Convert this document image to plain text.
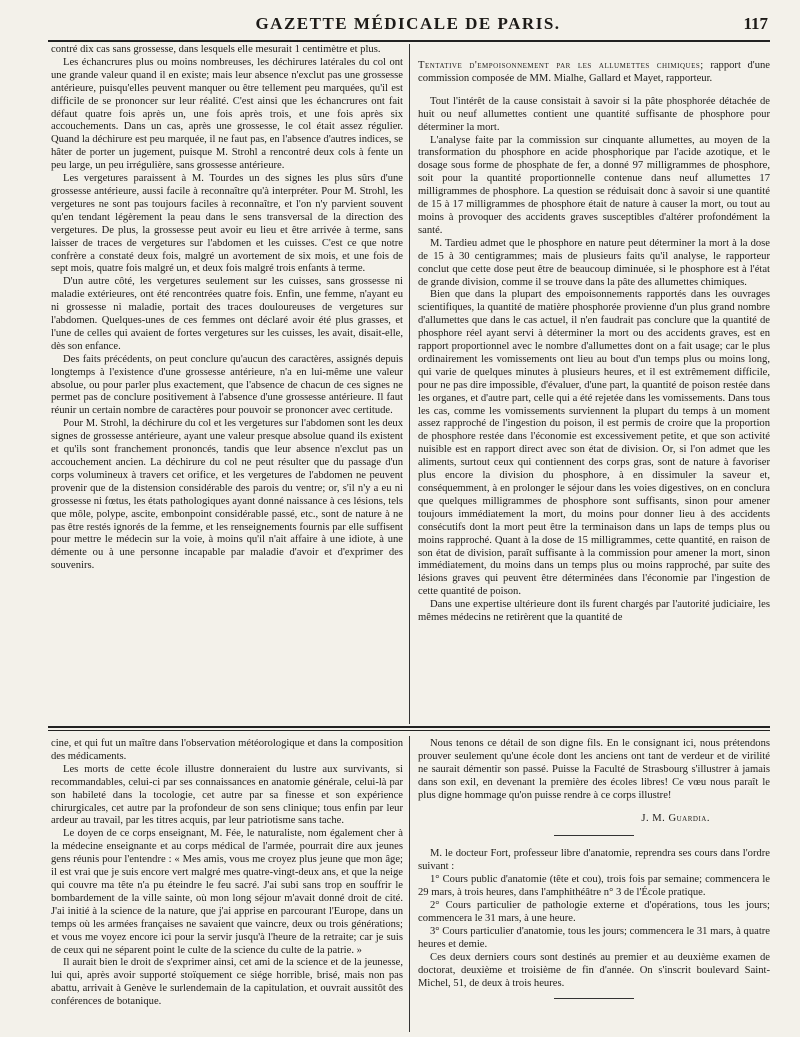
GAZETTE MÉDICALE DE PARIS.	117

contré dix cas sans grossesse, dans lesquels elle mesurait 1 centimètre et plus.

Les échancrures plus ou moins nombreuses, les déchirures latérales du col ont une grande valeur quand il en existe; mais leur absence n'exclut pas une grossesse antérieure, puisqu'elles peuvent manquer ou être tellement peu marquées, qu'il est difficile de se prononcer sur leur réalité. C'est ainsi que les échancrures ont fait défaut quatre fois après un, une fois après trois, et une fois après six accouchements. Dans un cas, après une grossesse, le col était assez régulier. Quand la déchirure est peu marquée, il ne faut pas, en l'absence d'autres indices, se hâter de porter un jugement, puisque M. Strohl a rencontré deux cols à fente un peu large, un peu irrégulière, sans grossesse antérieure.

Les vergetures paraissent à M. Tourdes un des signes les plus sûrs d'une grossesse antérieure, aussi facile à reconnaître qu'à interpréter. Pour M. Strohl, les vergetures ne sont pas toujours faciles à reconnaître, et l'on n'y parvient souvent qu'en tendant légèrement la peau dans le sens transversal de la direction des vergetures. De plus, la grossesse peut avoir eu lieu et être arrivée à terme, sans laisser de traces de vergetures sur l'abdomen et les cuisses. C'est ce que notre confrère a constaté deux fois, malgré un avortement de six mois, et une fois de sept mois, quatre fois malgré un, et deux fois malgré trois enfants à terme.

D'un autre côté, les vergetures seulement sur les cuisses, sans grossesse ni maladie extérieures, ont été rencontrées quatre fois. Enfin, une femme, n'ayant eu ni grossesse ni maladie, portait des traces douloureuses de vergetures sur l'abdomen. Quelques-unes de ces femmes ont déclaré avoir été plus grasses, et l'une de celles qui avaient de fortes vergetures sur les cuisses, les avait, disait-elle, dès son enfance.

Des faits précédents, on peut conclure qu'aucun des caractères, assignés depuis longtemps à l'existence d'une grossesse antérieure, n'a en lui-même une valeur absolue, ou pour parler plus exactement, que l'absence de chacun de ces signes ne permet pas de conclure positivement à l'absence d'une grossesse antérieure. Il faut réunir un certain nombre de caractères pour pouvoir se prononcer avec certitude.

Pour M. Strohl, la déchirure du col et les vergetures sur l'abdomen sont les deux signes de grossesse antérieure, ayant une valeur presque absolue quand ils existent et qu'ils sont franchement prononcés, tandis que leur absence n'exclut pas un accouchement ancien. La déchirure du col ne peut résulter que du passage d'un corps volumineux à travers cet orifice, et les vergetures de l'abdomen ne peuvent provenir que de la distension considérable des parois du ventre; or, s'il n'y a eu ni grossesse ni fœtus, les états pathologiques ayant donné naissance à ces lésions, tels que môle, polype, ascite, embonpoint considérable passé, etc., sont de nature à ne pas être restés ignorés de la femme, et les renseignements fournis par elle suffisent pour mettre le médecin sur la voie, à moins qu'il n'ait affaire à une idiote, à une démente ou à une personne incapable par maladie d'avoir et d'exprimer des souvenirs.

Tentative d'empoisonnement par les allumettes chimiques; rapport d'une commission composée de MM. Mialhe, Gallard et Mayet, rapporteur.

Tout l'intérêt de la cause consistait à savoir si la pâte phosphorée détachée de huit ou neuf allumettes contient une quantité suffisante de phosphore pour déterminer la mort.

L'analyse faite par la commission sur cinquante allumettes, au moyen de la transformation du phosphore en acide phosphorique par l'acide azotique, et le dosage sous forme de phosphate de fer, a donné 97 milligrammes de phosphore, soit pour la quantité proportionnelle contenue dans neuf allumettes 17 milligrammes de phosphore. La question se réduisait donc à savoir si une quantité de 15 à 17 milligrammes de phosphore était de nature à causer la mort, ou tout au moins à provoquer des accidents graves susceptibles d'altérer profondément la santé.

M. Tardieu admet que le phosphore en nature peut déterminer la mort à la dose de 15 à 30 centigrammes; mais de plusieurs faits qu'il analyse, le rapporteur conclut que cette dose peut être de beaucoup diminuée, si le phosphore est à l'état de grande division, comme il se trouve dans la pâte des allumettes chimiques.

Bien que dans la plupart des empoisonnements rapportés dans les ouvrages scientifiques, la quantité de matière phosphorée provienne d'un plus grand nombre d'allumettes que dans le cas actuel, il n'en faudrait pas conclure que la quantité de phosphore réel ayant servi à déterminer la mort ou des accidents graves, est en rapport proportionnel avec le nombre d'allumettes dont on a fait usage; car le plus ordinairement les vomissements ont lieu au bout d'un temps plus ou moins long, qui varie de quelques minutes à plusieurs heures, et il est extrêmement difficile, pour ne pas dire impossible, d'évaluer, d'une part, la quantité de poison restée dans les organes, et d'autre part, celle qui a été rejetée dans les vomissements. Dans tous les cas, comme les vomissements surviennent la plupart du temps à un moment assez rapproché de l'ingestion du poison, il est permis de croire que la proportion de phosphore restée dans l'économie est excessivement petite, et que son activité nuisible est en rapport direct avec son état de division. Or, si l'on admet que les aliments, surtout ceux qui contiennent des corps gras, sont de nature à favoriser plus encore la division du phosphore, à en dissimuler la saveur et, conséquemment, à en prolonger le séjour dans les voies digestives, on en conclura que quelques milligrammes de phosphore sont suffisants, sinon pour amener toujours immédiatement la mort, du moins pour donner lieu à des accidents consécutifs dont la mort peut être la terminaison dans un laps de temps plus ou moins rapproché. Quant à la dose de 15 milligrammes, cette quantité, en raison de son état de division, paraît suffisante à la commission pour amener la mort, sinon immédiatement, du moins dans un temps plus ou moins rapproché, par suite des lésions graves qui peuvent être déterminées dans l'économie par l'ingestion de cette quantité de poison.

Dans une expertise ultérieure dont ils furent chargés par l'autorité judiciaire, les mêmes médecins ne retirèrent que la quantité de

cine, et qui fut un maître dans l'observation météorologique et dans la composition des médicaments.

Les morts de cette école illustre donneraient du lustre aux survivants, si recommandables, celui-ci par ses connaissances en anatomie générale, celui-là par son habileté dans la tocologie, cet autre par sa finesse et son expérience chirurgicales, cet autre par la profondeur de son sens clinique; tous enfin par leur ardeur au travail, par les titres acquis, par leur patriotisme sans tache.

Le doyen de ce corps enseignant, M. Fée, le naturaliste, nom également cher à la médecine enseignante et au corps médical de l'armée, pourrait dire aux jeunes gens réunis pour l'entendre : « Mes amis, vous me croyez plus jeune que mon âge; il est vrai que je suis encore vert malgré mes quatre-vingt-deux ans, et que la neige qui couvre ma tête n'a pu éteindre le feu sacré. J'ai subi sans trop en souffrir le bombardement de la ville sainte, où mon long séjour m'avait donné droit de cité. J'ai initié à la science de la nature, que j'ai apprise en parcourant l'Europe, dans un temps où les armées françaises ne savaient que vaincre, deux ou trois générations; et vous me voyez encore ici pour la servir jusqu'à l'heure de la retraite; car je suis de ceux qui ne séparent point le culte de la science du culte de la patrie. »

Il aurait bien le droit de s'exprimer ainsi, cet ami de la science et de la jeunesse, lui qui, après avoir supporté stoïquement ce siége horrible, brisé, mais non pas abattu, arrivait à Genève le surlendemain de la capitulation, et ouvrait aussitôt des conférences de botanique.

Nous tenons ce détail de son digne fils. En le consignant ici, nous prétendons prouver seulement qu'une école dont les anciens ont tant de verdeur et de virilité ne saurait démentir son passé. Puisse la Faculté de Strasbourg s'illustrer à jamais dans son exil, en devenant la première des écoles libres! Ce vœu nous paraît le plus digne hommage qu'on puisse rendre à ce corps illustre!

J. M. Guardia.

M. le docteur Fort, professeur libre d'anatomie, reprendra ses cours dans l'ordre suivant :

1° Cours public d'anatomie (tête et cou), trois fois par semaine; commencera le 29 mars, à trois heures, dans l'amphithéâtre n° 3 de l'École pratique.

2° Cours particulier de pathologie externe et d'opérations, tous les jours; commencera le 31 mars, à une heure.

3° Cours particulier d'anatomie, tous les jours; commencera le 31 mars, à quatre heures et demie.

Ces deux derniers cours sont destinés au premier et au deuxième examen de doctorat, deuxième et troisième de fin d'année. On s'inscrit boulevard Saint-Michel, 51, de deux à trois heures.
